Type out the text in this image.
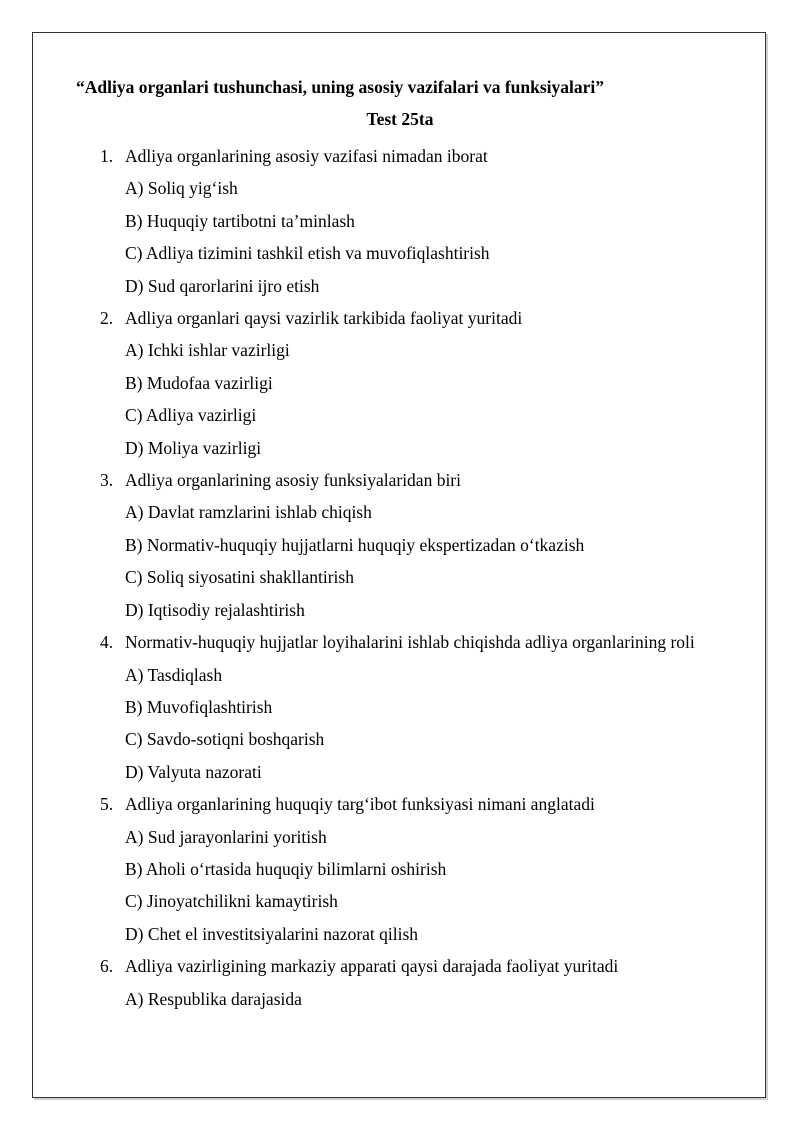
“Adliya organlari tushunchasi, uning asosiy vazifalari va funksiyalari”
Test 25ta
1. Adliya organlarining asosiy vazifasi nimadan iborat
A) Soliq yig‘ish
B) Huquqiy tartibotni ta’minlash
C) Adliya tizimini tashkil etish va muvofiqlashtirish
D) Sud qarorlarini ijro etish
2. Adliya organlari qaysi vazirlik tarkibida faoliyat yuritadi
A) Ichki ishlar vazirligi
B) Mudofaa vazirligi
C) Adliya vazirligi
D) Moliya vazirligi
3. Adliya organlarining asosiy funksiyalaridan biri
A) Davlat ramzlarini ishlab chiqish
B) Normativ-huquqiy hujjatlarni huquqiy ekspertizadan o‘tkazish
C) Soliq siyosatini shakllantirish
D) Iqtisodiy rejalashtirish
4. Normativ-huquqiy hujjatlar loyihalarini ishlab chiqishda adliya organlarining roli
A) Tasdiqlash
B) Muvofiqlashtirish
C) Savdo-sotiqni boshqarish
D) Valyuta nazorati
5. Adliya organlarining huquqiy targ‘ibot funksiyasi nimani anglatadi
A) Sud jarayonlarini yoritish
B) Aholi o‘rtasida huquqiy bilimlarni oshirish
C) Jinoyatchilikni kamaytirish
D) Chet el investitsiyalarini nazorat qilish
6. Adliya vazirligining markaziy apparati qaysi darajada faoliyat yuritadi
A) Respublika darajasida
